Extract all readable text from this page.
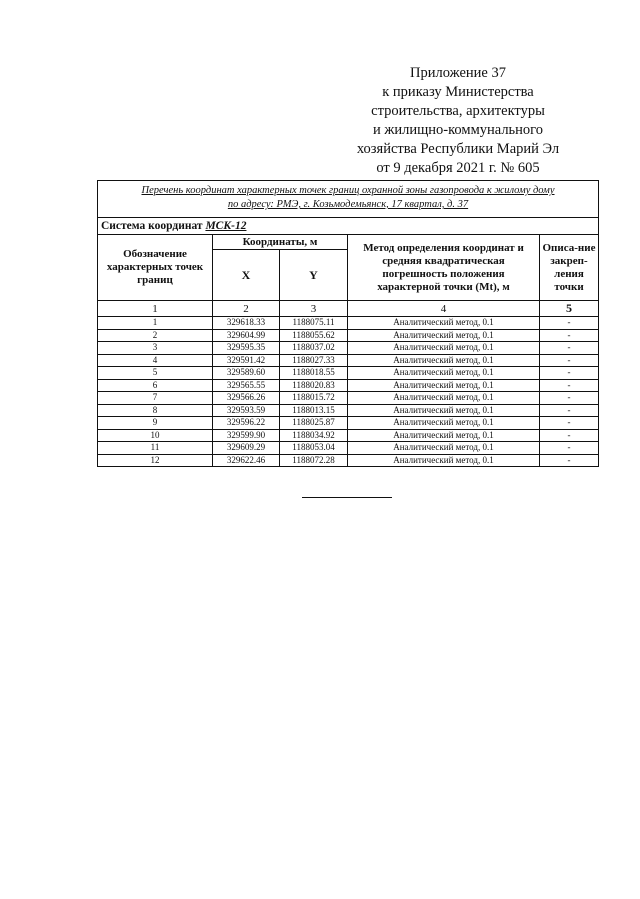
Приложение 37
к приказу Министерства
строительства, архитектуры
и жилищно-коммунального
хозяйства Республики Марий Эл
от 9 декабря 2021 г. № 605
Перечень координат характерных точек границ охранной зоны газопровода к жилому дому
по адресу: РМЭ, г. Козьмодемьянск, 17 квартал, д. 37				
Система координат МСК-12				
Обозначение характерных точек границ	Координаты, м		Метод определения координат и средняя квадратическая погрешность положения характерной точки (Mt), м	Описа-ние закреп-ления точки
	X	Y		
1	2	3	4	5
1	329618.33	1188075.11	Аналитический метод, 0.1	-
2	329604.99	1188055.62	Аналитический метод, 0.1	-
3	329595.35	1188037.02	Аналитический метод, 0.1	-
4	329591.42	1188027.33	Аналитический метод, 0.1	-
5	329589.60	1188018.55	Аналитический метод, 0.1	-
6	329565.55	1188020.83	Аналитический метод, 0.1	-
7	329566.26	1188015.72	Аналитический метод, 0.1	-
8	329593.59	1188013.15	Аналитический метод, 0.1	-
9	329596.22	1188025.87	Аналитический метод, 0.1	-
10	329599.90	1188034.92	Аналитический метод, 0.1	-
11	329609.29	1188053.04	Аналитический метод, 0.1	-
12	329622.46	1188072.28	Аналитический метод, 0.1	-
